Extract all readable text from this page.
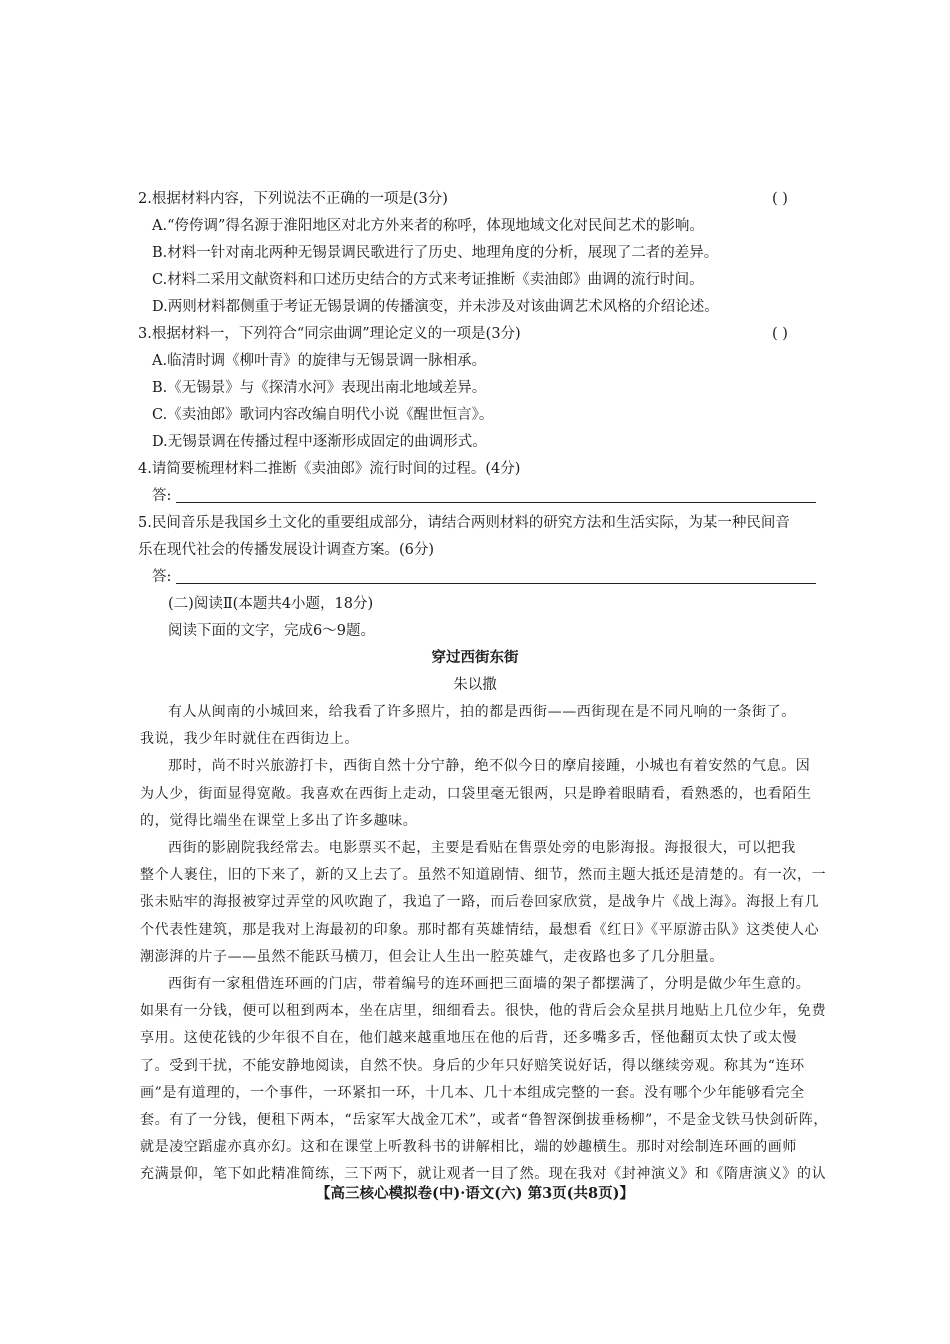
2.根据材料内容，下列说法不正确的一项是(3分)	( )
A.“侉侉调”得名源于淮阳地区对北方外来者的称呼，体现地域文化对民间艺术的影响。
B.材料一针对南北两种无锡景调民歌进行了历史、地理角度的分析，展现了二者的差异。
C.材料二采用文献资料和口述历史结合的方式来考证推断《卖油郎》曲调的流行时间。
D.两则材料都侧重于考证无锡景调的传播演变，并未涉及对该曲调艺术风格的介绍论述。
3.根据材料一，下列符合“同宗曲调”理论定义的一项是(3分)	( )
A.临清时调《柳叶青》的旋律与无锡景调一脉相承。
B.《无锡景》与《探清水河》表现出南北地域差异。
C.《卖油郎》歌词内容改编自明代小说《醒世恒言》。
D.无锡景调在传播过程中逐渐形成固定的曲调形式。
4.请简要梳理材料二推断《卖油郎》流行时间的过程。(4分)
答:
5.民间音乐是我国乡土文化的重要组成部分，请结合两则材料的研究方法和生活实际，为某一种民间音
乐在现代社会的传播发展设计调查方案。(6分)
答:
(二)阅读Ⅱ(本题共4小题，18分)
阅读下面的文字，完成6～9题。
穿过西街东街
朱以撒
有人从闽南的小城回来，给我看了许多照片，拍的都是西街——西街现在是不同凡响的一条街了。
我说，我少年时就住在西街边上。
那时，尚不时兴旅游打卡，西街自然十分宁静，绝不似今日的摩肩接踵，小城也有着安然的气息。因
为人少，街面显得宽敞。我喜欢在西街上走动，口袋里毫无银两，只是睁着眼睛看，看熟悉的，也看陌生
的，觉得比端坐在课堂上多出了许多趣味。
西街的影剧院我经常去。电影票买不起，主要是看贴在售票处旁的电影海报。海报很大，可以把我
整个人裹住，旧的下来了，新的又上去了。虽然不知道剧情、细节，然而主题大抵还是清楚的。有一次，一
张未贴牢的海报被穿过弄堂的风吹跑了，我追了一路，而后卷回家欣赏，是战争片《战上海》。海报上有几
个代表性建筑，那是我对上海最初的印象。那时都有英雄情结，最想看《红日》《平原游击队》这类使人心
潮澎湃的片子——虽然不能跃马横刀，但会让人生出一腔英雄气，走夜路也多了几分胆量。
西街有一家租借连环画的门店，带着编号的连环画把三面墙的架子都摆满了，分明是做少年生意的。
如果有一分钱，便可以租到两本，坐在店里，细细看去。很快，他的背后会众星拱月地贴上几位少年，免费
享用。这使花钱的少年很不自在，他们越来越重地压在他的后背，还多嘴多舌，怪他翻页太快了或太慢
了。受到干扰，不能安静地阅读，自然不快。身后的少年只好赔笑说好话，得以继续旁观。称其为“连环
画”是有道理的，一个事件，一环紧扣一环，十几本、几十本组成完整的一套。没有哪个少年能够看完全
套。有了一分钱，便租下两本，“岳家军大战金兀术”，或者“鲁智深倒拔垂杨柳”，不是金戈铁马快剑斫阵，
就是凌空蹈虚亦真亦幻。这和在课堂上听教科书的讲解相比，端的妙趣横生。那时对绘制连环画的画师
充满景仰，笔下如此精准简练，三下两下，就让观者一目了然。现在我对《封神演义》和《隋唐演义》的认
【高三核心模拟卷(中)·语文(六) 第3页(共8页)】
